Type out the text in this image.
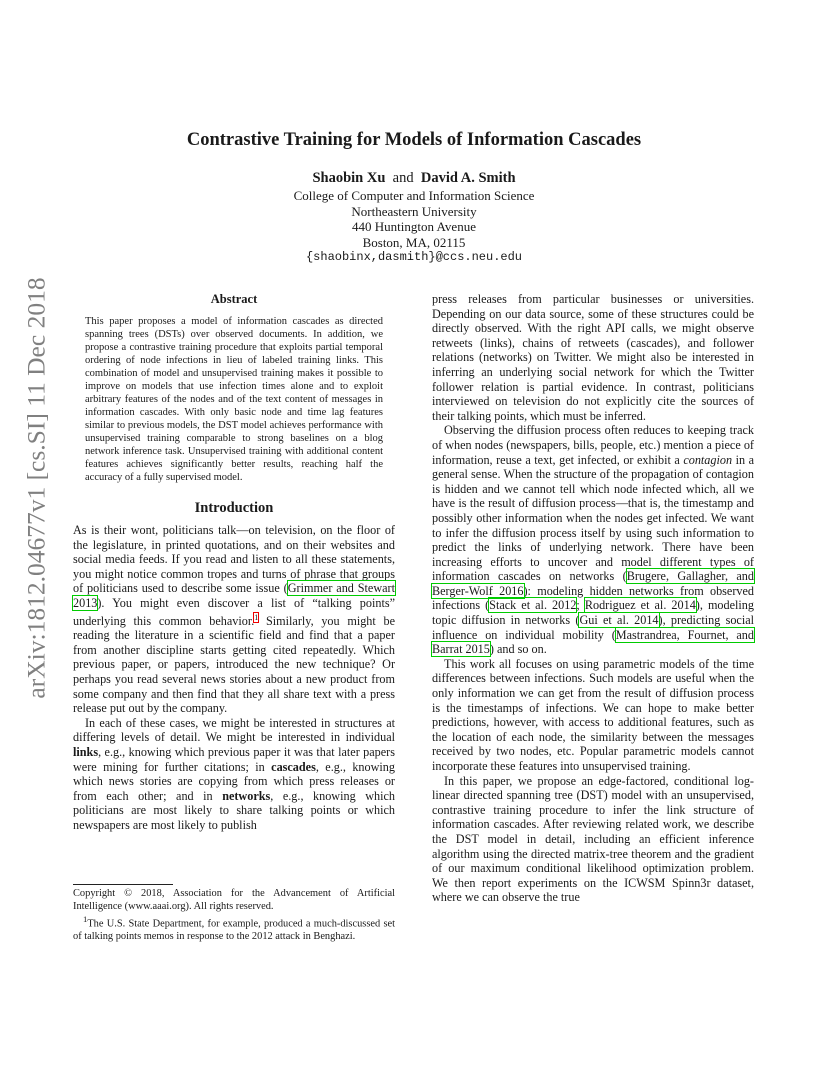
arXiv:1812.04677v1 [cs.SI] 11 Dec 2018
Contrastive Training for Models of Information Cascades
Shaobin Xu and David A. Smith
College of Computer and Information Science
Northeastern University
440 Huntington Avenue
Boston, MA, 02115
{shaobinx,dasmith}@ccs.neu.edu
Abstract

This paper proposes a model of information cascades as directed spanning trees (DSTs) over observed documents. In addition, we propose a contrastive training procedure that exploits partial temporal ordering of node infections in lieu of labeled training links. This combination of model and unsupervised training makes it possible to improve on models that use infection times alone and to exploit arbitrary features of the nodes and of the text content of messages in information cascades. With only basic node and time lag features similar to previous models, the DST model achieves performance with unsupervised training comparable to strong baselines on a blog network inference task. Unsupervised training with additional content features achieves significantly better results, reaching half the accuracy of a fully supervised model.

Introduction

As is their wont, politicians talk—on television, on the floor of the legislature, in printed quotations, and on their websites and social media feeds. If you read and listen to all these statements, you might notice common tropes and turns of phrase that groups of politicians used to describe some issue (Grimmer and Stewart 2013). You might even discover a list of “talking points” underlying this common behavior.$^1$ Similarly, you might be reading the literature in a scientific field and find that a paper from another discipline starts getting cited repeatedly. Which previous paper, or papers, introduced the new technique? Or perhaps you read several news stories about a new product from some company and then find that they all share text with a press release put out by the company.

In each of these cases, we might be interested in structures at differing levels of detail. We might be interested in individual links, e.g., knowing which previous paper it was that later papers were mining for further citations; in cascades, e.g., knowing which news stories are copying from which press releases or from each other; and in networks, e.g., knowing which politicians are most likely to share talking points or which newspapers are most likely to publish

Copyright © 2018, Association for the Advancement of Artificial Intelligence (www.aaai.org). All rights reserved.

$^1$The U.S. State Department, for example, produced a much-discussed set of talking points memos in response to the 2012 attack in Benghazi.

press releases from particular businesses or universities. Depending on our data source, some of these structures could be directly observed. With the right API calls, we might observe retweets (links), chains of retweets (cascades), and follower relations (networks) on Twitter. We might also be interested in inferring an underlying social network for which the Twitter follower relation is partial evidence. In contrast, politicians interviewed on television do not explicitly cite the sources of their talking points, which must be inferred.

Observing the diffusion process often reduces to keeping track of when nodes (newspapers, bills, people, etc.) mention a piece of information, reuse a text, get infected, or exhibit a contagion in a general sense. When the structure of the propagation of contagion is hidden and we cannot tell which node infected which, all we have is the result of diffusion process—that is, the timestamp and possibly other information when the nodes get infected. We want to infer the diffusion process itself by using such information to predict the links of underlying network. There have been increasing efforts to uncover and model different types of information cascades on networks (Brugere, Gallagher, and Berger-Wolf 2016): modeling hidden networks from observed infections (Stack et al. 2012; Rodriguez et al. 2014), modeling topic diffusion in networks (Gui et al. 2014), predicting social influence on individual mobility (Mastrandrea, Fournet, and Barrat 2015) and so on.

This work all focuses on using parametric models of the time differences between infections. Such models are useful when the only information we can get from the result of diffusion process is the timestamps of infections. We can hope to make better predictions, however, with access to additional features, such as the location of each node, the similarity between the messages received by two nodes, etc. Popular parametric models cannot incorporate these features into unsupervised training.

In this paper, we propose an edge-factored, conditional log-linear directed spanning tree (DST) model with an unsupervised, contrastive training procedure to infer the link structure of information cascades. After reviewing related work, we describe the DST model in detail, including an efficient inference algorithm using the directed matrix-tree theorem and the gradient of our maximum conditional likelihood optimization problem. We then report experiments on the ICWSM Spinn3r dataset, where we can observe the true
